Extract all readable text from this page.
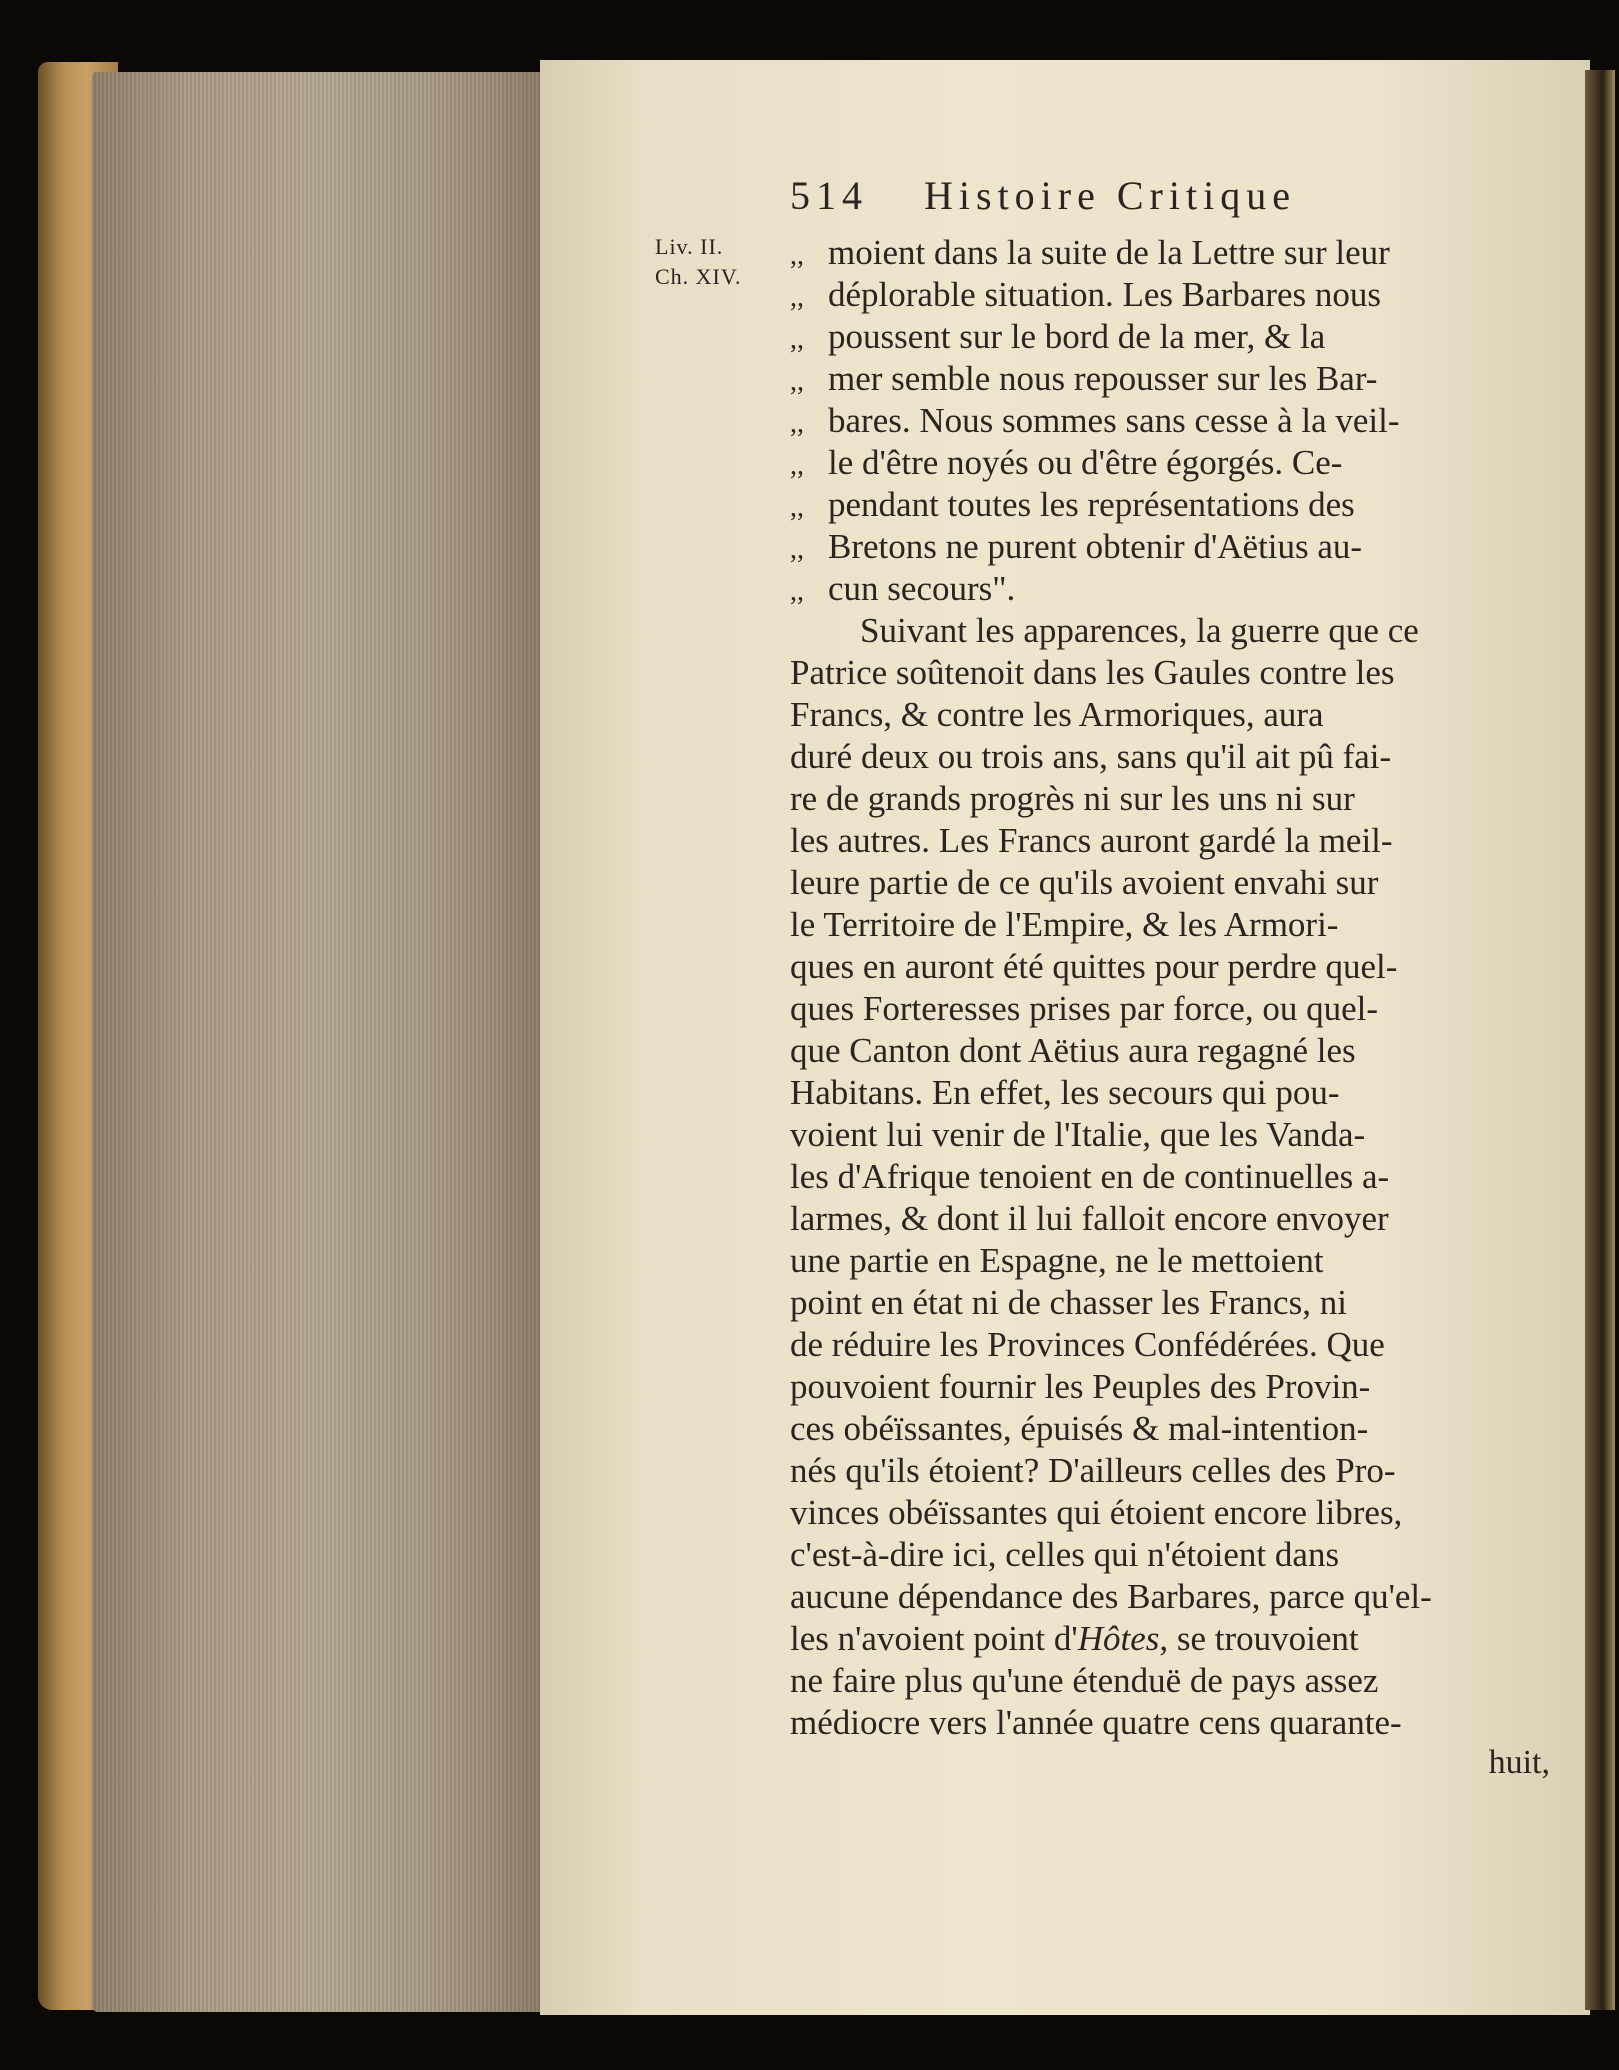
514 Histoire Critique
Liv. II.
Ch. XIV.
,, moient dans la suite de la Lettre sur leur
,, déplorable situation. Les Barbares nous
,, poussent sur le bord de la mer, & la
,, mer semble nous repousser sur les Bar-
,, bares. Nous sommes sans cesse à la veil-
,, le d'être noyés ou d'être égorgés. Ce-
,, pendant toutes les représentations des
,, Bretons ne purent obtenir d'Aëtius au-
,, cun secours".
Suivant les apparences, la guerre que ce
Patrice soûtenoit dans les Gaules contre les
Francs, & contre les Armoriques, aura
duré deux ou trois ans, sans qu'il ait pû fai-
re de grands progrès ni sur les uns ni sur
les autres. Les Francs auront gardé la meil-
leure partie de ce qu'ils avoient envahi sur
le Territoire de l'Empire, & les Armori-
ques en auront été quittes pour perdre quel-
ques Forteresses prises par force, ou quel-
que Canton dont Aëtius aura regagné les
Habitans. En effet, les secours qui pou-
voient lui venir de l'Italie, que les Vanda-
les d'Afrique tenoient en de continuelles a-
larmes, & dont il lui falloit encore envoyer
une partie en Espagne, ne le mettoient
point en état ni de chasser les Francs, ni
de réduire les Provinces Confédérées. Que
pouvoient fournir les Peuples des Provin-
ces obéïssantes, épuisés & mal-intention-
nés qu'ils étoient? D'ailleurs celles des Pro-
vinces obéïssantes qui étoient encore libres,
c'est-à-dire ici, celles qui n'étoient dans
aucune dépendance des Barbares, parce qu'el-
les n'avoient point d'Hôtes, se trouvoient
ne faire plus qu'une étenduë de pays assez
médiocre vers l'année quatre cens quarante-
huit,
